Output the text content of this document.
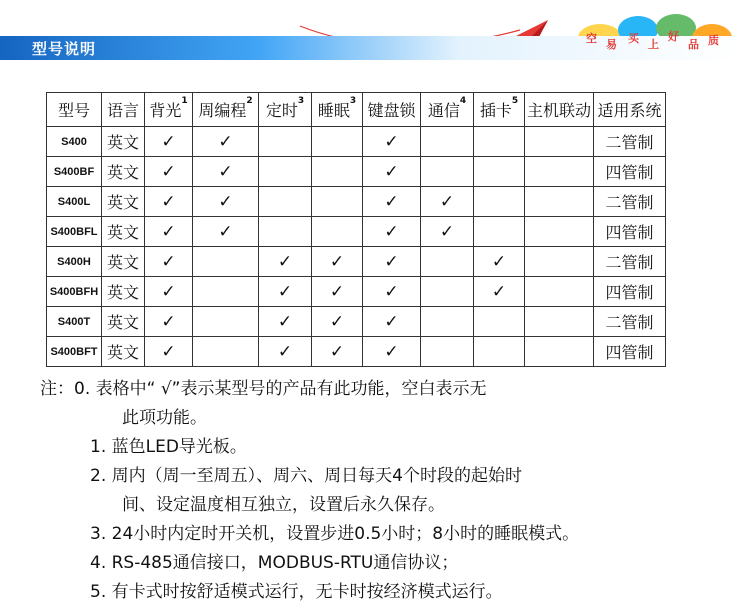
型号说明
空 易 买 上
好
品 质
型号	语言	背光$^1$	周编程$^2$	定时$^3$	睡眠$^3$	键盘锁	通信$^4$	插卡$^5$	主机联动	适用系统
S400	英文	✓	✓			✓				二管制
S400BF	英文	✓	✓			✓				四管制
S400L	英文	✓	✓			✓	✓			二管制
S400BFL	英文	✓	✓			✓	✓			四管制
S400H	英文	✓		✓	✓	✓		✓		二管制
S400BFH	英文	✓		✓	✓	✓		✓		四管制
S400T	英文	✓		✓	✓	✓				二管制
S400BFT	英文	✓		✓	✓	✓				四管制
注：0. 表格中“ √”表示某型号的产品有此功能，空白表示无
此项功能。
1. 蓝色LED导光板。
2. 周内（周一至周五）、周六、周日每天4个时段的起始时
间、设定温度相互独立，设置后永久保存。
3. 24小时内定时开关机，设置步进0.5小时；8小时的睡眠模式。
4. RS-485通信接口，MODBUS-RTU通信协议；
5. 有卡式时按舒适模式运行，无卡时按经济模式运行。
